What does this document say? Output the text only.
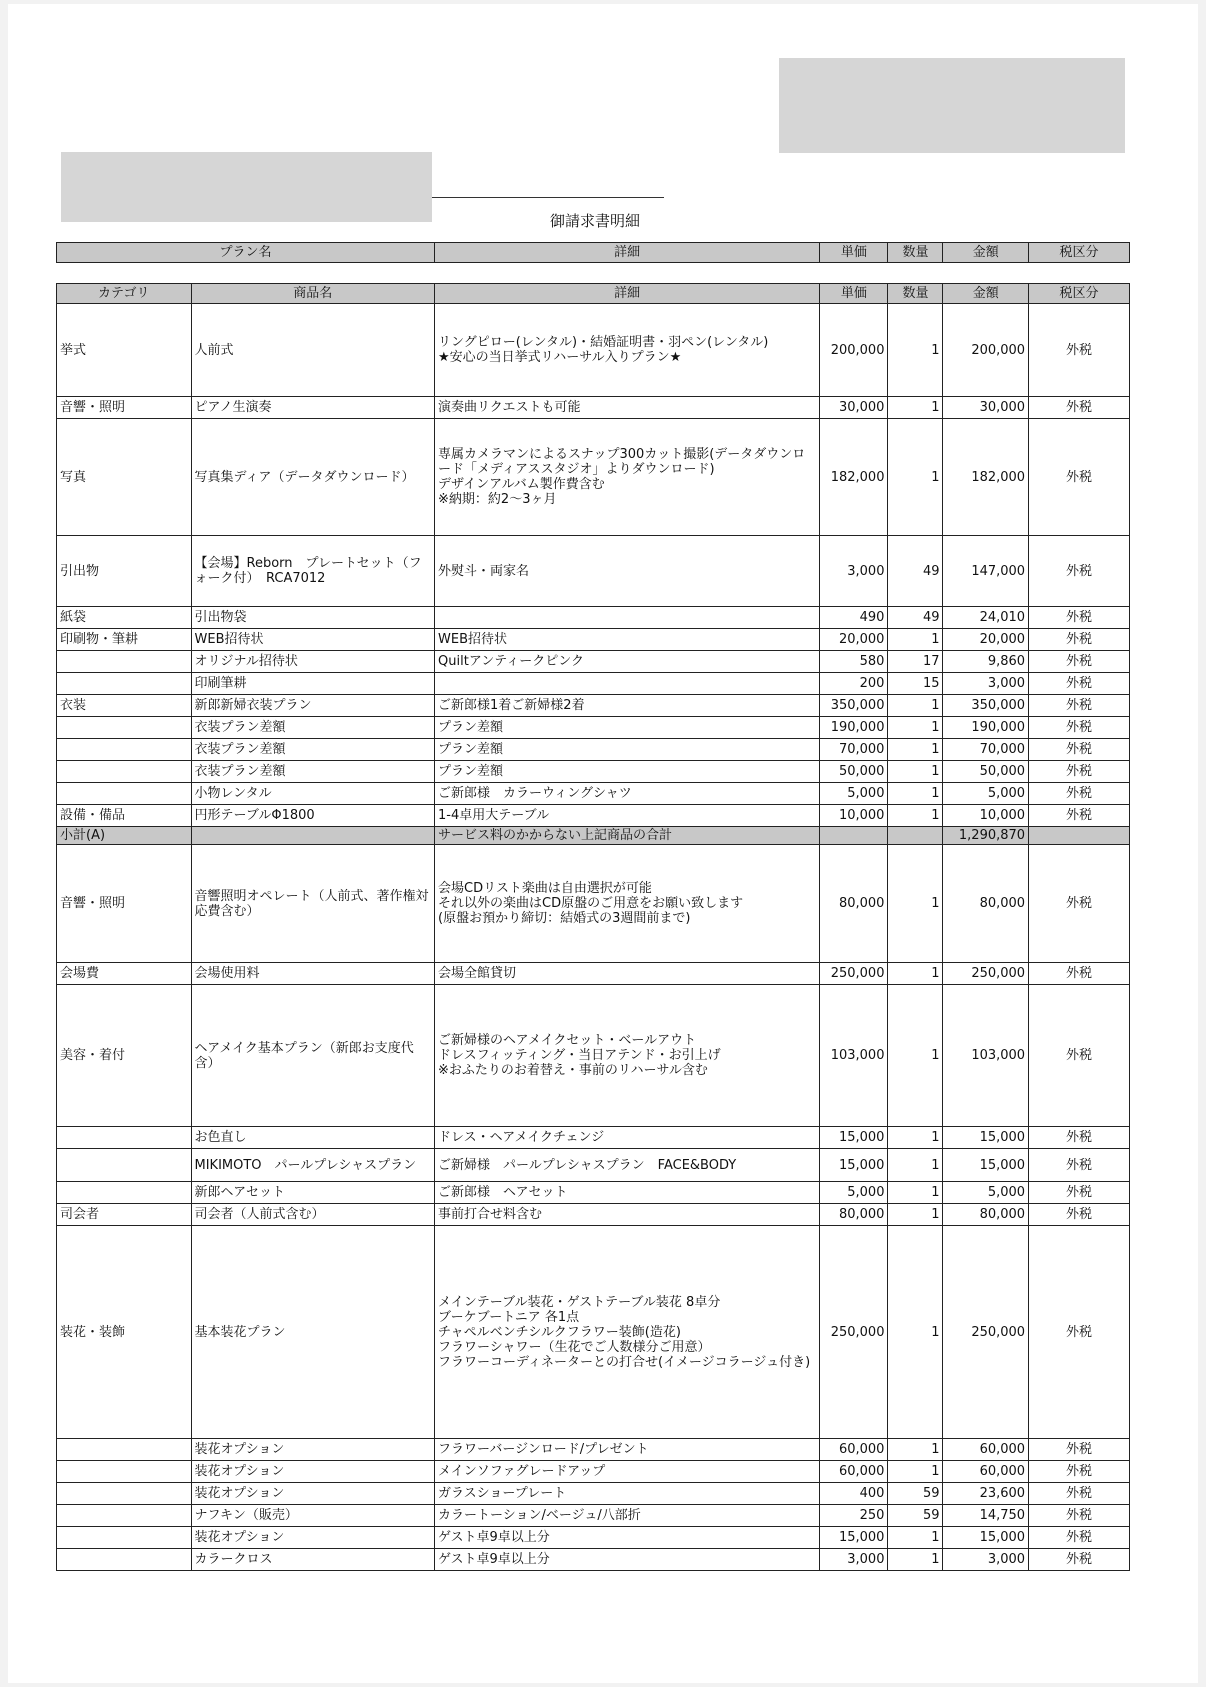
御請求書明細
プラン名	詳細	単価	数量	金額	税区分
カテゴリ	商品名	詳細	単価	数量	金額	税区分
挙式	人前式	リングピロー(レンタル)・結婚証明書・羽ペン(レンタル)
★安心の当日挙式リハーサル入りプラン★	200,000	1	200,000	外税
音響・照明	ピアノ生演奏	演奏曲リクエストも可能	30,000	1	30,000	外税
写真	写真集ディア（データダウンロード）	専属カメラマンによるスナップ300カット撮影(データダウンロード「メディアススタジオ」よりダウンロード)
デザインアルバム製作費含む
※納期：約2～3ヶ月	182,000	1	182,000	外税
引出物	【会場】Reborn　プレートセット（フォーク付）　RCA7012	外熨斗・両家名	3,000	49	147,000	外税
紙袋	引出物袋		490	49	24,010	外税
印刷物・筆耕	WEB招待状	WEB招待状	20,000	1	20,000	外税
	オリジナル招待状	Quiltアンティークピンク	580	17	9,860	外税
	印刷筆耕		200	15	3,000	外税
衣装	新郎新婦衣装プラン	ご新郎様1着ご新婦様2着	350,000	1	350,000	外税
	衣装プラン差額	プラン差額	190,000	1	190,000	外税
	衣装プラン差額	プラン差額	70,000	1	70,000	外税
	衣装プラン差額	プラン差額	50,000	1	50,000	外税
	小物レンタル	ご新郎様　カラーウィングシャツ	5,000	1	5,000	外税
設備・備品	円形テーブルΦ1800	1-4卓用大テーブル	10,000	1	10,000	外税
小計(A)		サービス料のかからない上記商品の合計			1,290,870	
音響・照明	音響照明オペレート（人前式、著作権対応費含む）	会場CDリスト楽曲は自由選択が可能
それ以外の楽曲はCD原盤のご用意をお願い致します
(原盤お預かり締切：結婚式の3週間前まで)	80,000	1	80,000	外税
会場費	会場使用料	会場全館貸切	250,000	1	250,000	外税
美容・着付	ヘアメイク基本プラン（新郎お支度代含）	ご新婦様のヘアメイクセット・ベールアウト
ドレスフィッティング・当日アテンド・お引上げ
※おふたりのお着替え・事前のリハーサル含む	103,000	1	103,000	外税
	お色直し	ドレス・ヘアメイクチェンジ	15,000	1	15,000	外税
	MIKIMOTO　パールプレシャスプラン	ご新婦様　パールプレシャスプラン　FACE&BODY	15,000	1	15,000	外税
	新郎ヘアセット	ご新郎様　ヘアセット	5,000	1	5,000	外税
司会者	司会者（人前式含む）	事前打合せ料含む	80,000	1	80,000	外税
装花・装飾	基本装花プラン	メインテーブル装花・ゲストテーブル装花 8卓分
ブーケブートニア 各1点
チャペルベンチシルクフラワー装飾(造花)
フラワーシャワー（生花でご人数様分ご用意）
フラワーコーディネーターとの打合せ(イメージコラージュ付き)	250,000	1	250,000	外税
	装花オプション	フラワーバージンロード/プレゼント	60,000	1	60,000	外税
	装花オプション	メインソファグレードアップ	60,000	1	60,000	外税
	装花オプション	ガラスショープレート	400	59	23,600	外税
	ナフキン（販売）	カラートーション/ベージュ/八部折	250	59	14,750	外税
	装花オプション	ゲスト卓9卓以上分	15,000	1	15,000	外税
	カラークロス	ゲスト卓9卓以上分	3,000	1	3,000	外税
